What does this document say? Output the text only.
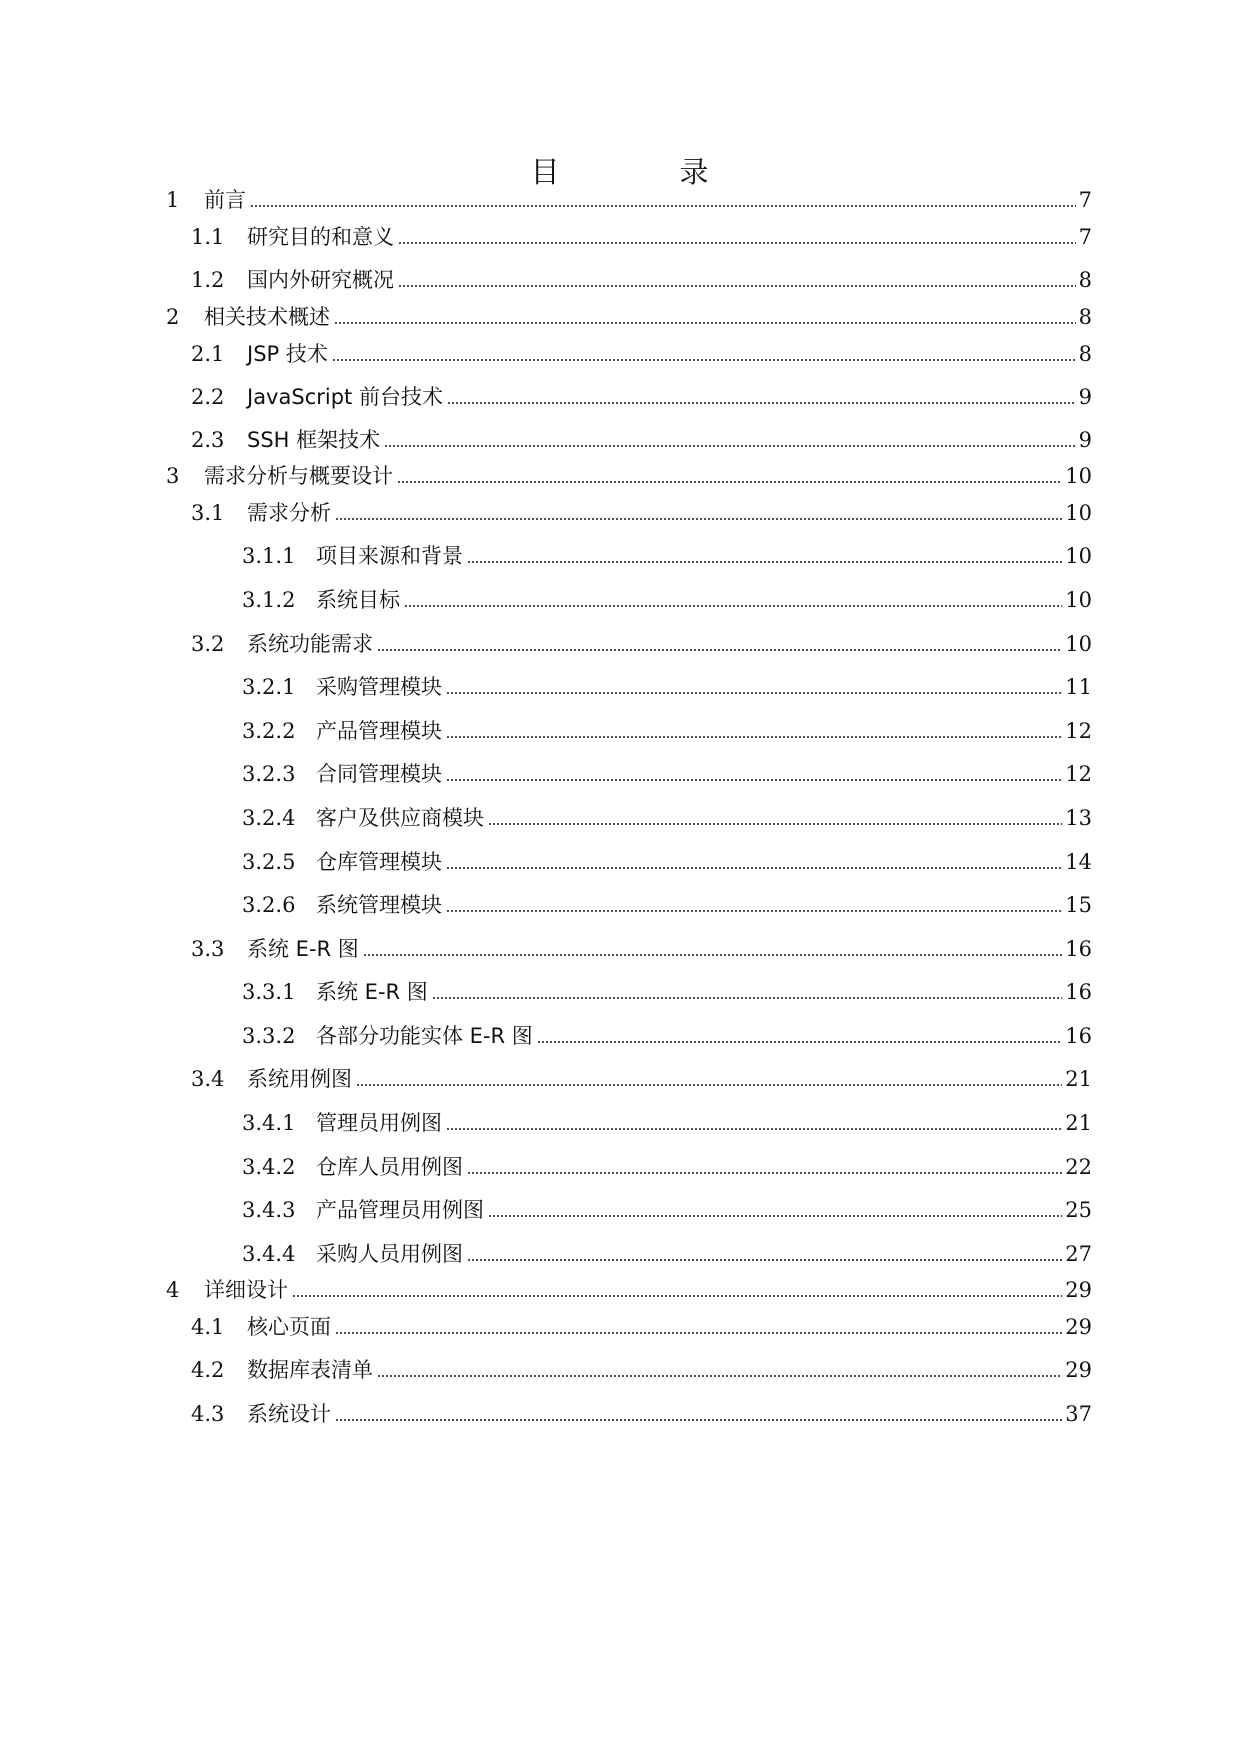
目	录
1	前言	7
1.1	研究目的和意义	7
1.2	国内外研究概况	8
2	相关技术概述	8
2.1	JSP 技术	8
2.2	JavaScript 前台技术	9
2.3	SSH 框架技术	9
3	需求分析与概要设计	10
3.1	需求分析	10
3.1.1 项目来源和背景	10
3.1.2 系统目标	10
3.2	系统功能需求	10
3.2.1 采购管理模块	11
3.2.2 产品管理模块	12
3.2.3 合同管理模块	12
3.2.4 客户及供应商模块	13
3.2.5 仓库管理模块	14
3.2.6 系统管理模块	15
3.3	系统 E-R 图	16
3.3.1 系统 E-R 图	16
3.3.2 各部分功能实体 E-R 图	16
3.4	系统用例图	21
3.4.1 管理员用例图	21
3.4.2 仓库人员用例图	22
3.4.3 产品管理员用例图	25
3.4.4 采购人员用例图	27
4	详细设计	29
4.1	核心页面	29
4.2	数据库表清单	29
4.3	系统设计	37
